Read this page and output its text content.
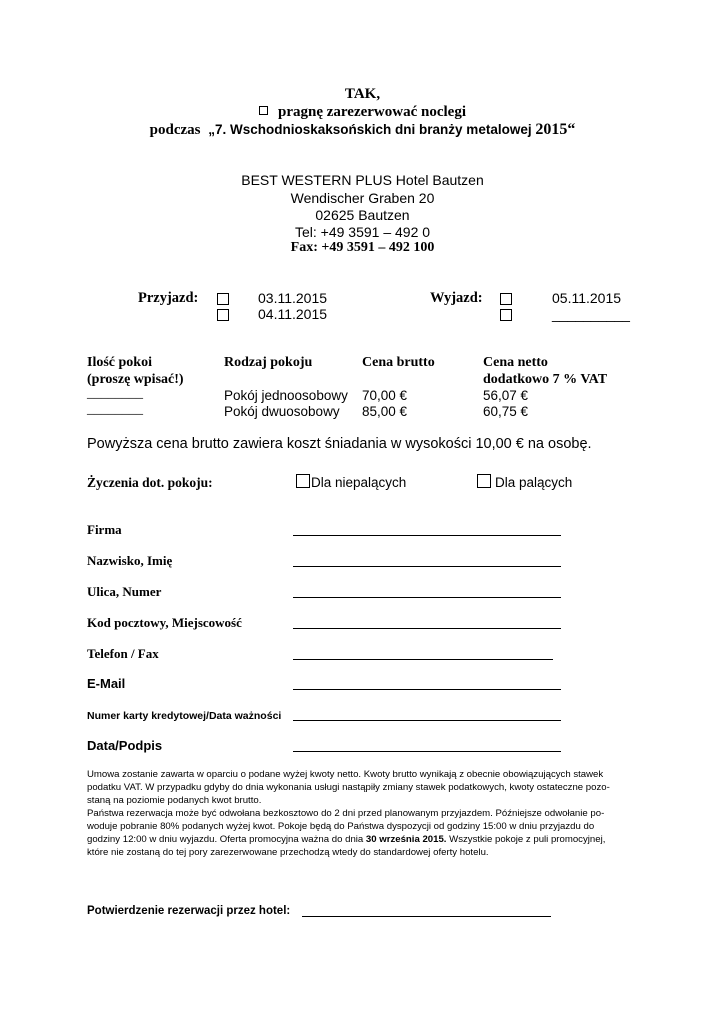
TAK,
pragnę zarezerwować noclegi
podczas „7. Wschodnioskaksońskich dni branży metalowej 2015“
BEST WESTERN PLUS Hotel Bautzen
Wendischer Graben 20
02625 Bautzen
Tel: +49 3591 – 492 0
Fax: +49 3591 – 492 100
Przyjazd:	03.11.2015
04.11.2015
Wyjazd:	05.11.2015
__________
Ilość pokoi
(proszę wpisać!)
Rodzaj pokoju	Cena brutto	Cena netto
dodatkowo 7 % VAT
________	Pokój jednoosobowy 70,00 €	56,07 €
________	Pokój dwuosobowy 85,00 €	60,75 €
Powyższa cena brutto zawiera koszt śniadania w wysokości 10,00 € na osobę.
Życzenia dot. pokoju:	Dla niepalących	Dla palących
Firma
Nazwisko, Imię
Ulica, Numer
Kod pocztowy, Miejscowość
Telefon / Fax
E-Mail
Numer karty kredytowej/Data ważności
Data/Podpis
Umowa zostanie zawarta w oparciu o podane wyżej kwoty netto. Kwoty brutto wynikają z obecnie obowiązujących stawek
podatku VAT. W przypadku gdyby do dnia wykonania usługi nastąpiły zmiany stawek podatkowych, kwoty ostateczne pozo-
staną na poziomie podanych kwot brutto.
Państwa rezerwacja może być odwołana bezkosztowo do 2 dni przed planowanym przyjazdem. Późniejsze odwołanie po-
woduje pobranie 80% podanych wyżej kwot. Pokoje będą do Państwa dyspozycji od godziny 15:00 w dniu przyjazdu do
godziny 12:00 w dniu wyjazdu. Oferta promocyjna ważna do dnia 30 września 2015. Wszystkie pokoje z puli promocyjnej,
które nie zostaną do tej pory zarezerwowane przechodzą wtedy do standardowej oferty hotelu.
Potwierdzenie rezerwacji przez hotel:
